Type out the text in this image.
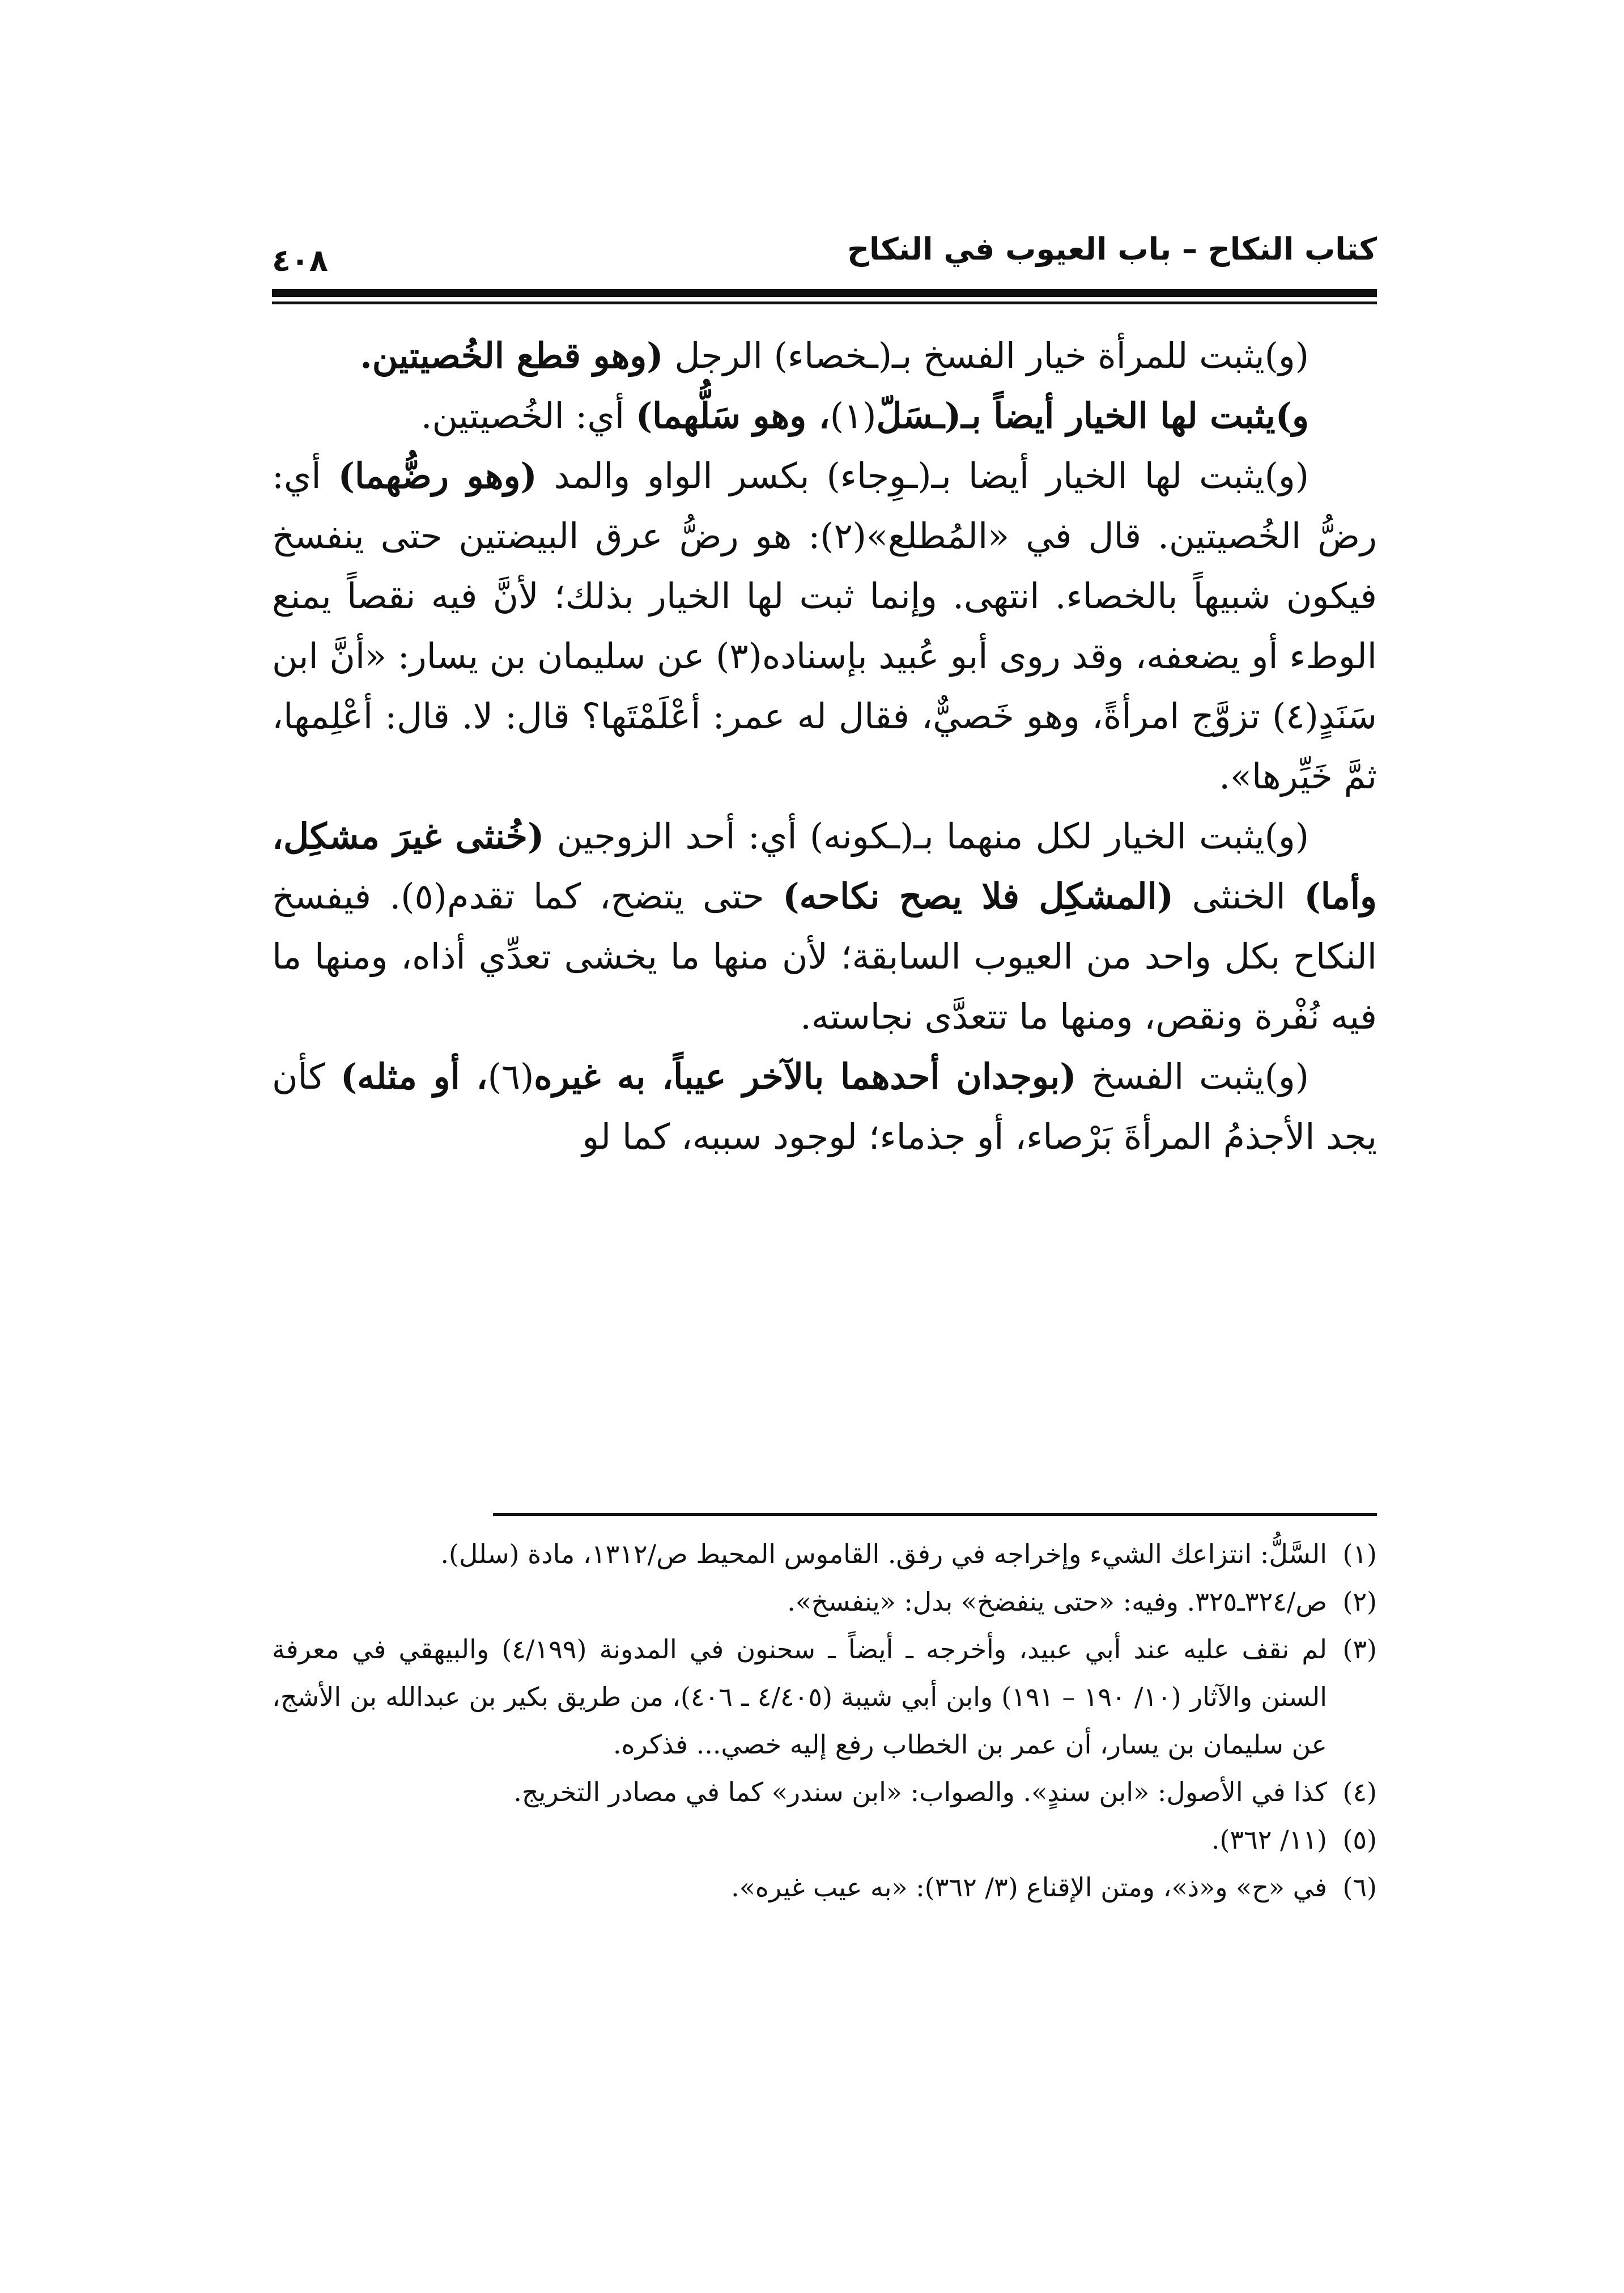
كتاب النكاح – باب العيوب في النكاح
٤٠٨

(و)يثبت للمرأة خيار الفسخ بـ(ـخصاء) الرجل (وهو قطع الخُصيتين.

و)يثبت لها الخيار أيضاً بـ(ـسَلّ(١)، وهو سَلُّهما) أي: الخُصيتين.

(و)يثبت لها الخيار أيضا بـ(ـوِجاء) بكسر الواو والمد (وهو رضُّهما) أي: رضُّ الخُصيتين. قال في «المُطلع»(٢): هو رضُّ عرق البيضتين حتى ينفسخ فيكون شبيهاً بالخصاء. انتهى. وإنما ثبت لها الخيار بذلك؛ لأنَّ فيه نقصاً يمنع الوطء أو يضعفه، وقد روى أبو عُبيد بإسناده(٣) عن سليمان بن يسار: «أنَّ ابن سَنَدٍ(٤) تزوَّج امرأةً، وهو خَصيٌّ، فقال له عمر: أعْلَمْتَها؟ قال: لا. قال: أعْلِمها، ثمَّ خَيِّرها».

(و)يثبت الخيار لكل منهما بـ(ـكونه) أي: أحد الزوجين (خُنثى غيرَ مشكِل، وأما) الخنثى (المشكِل فلا يصح نكاحه) حتى يتضح، كما تقدم(٥). فيفسخ النكاح بكل واحد من العيوب السابقة؛ لأن منها ما يخشى تعدِّي أذاه، ومنها ما فيه نُفْرة ونقص، ومنها ما تتعدَّى نجاسته.

(و)يثبت الفسخ (بوجدان أحدهما بالآخر عيباً، به غيره(٦)، أو مثله) كأن يجد الأجذمُ المرأةَ بَرْصاء، أو جذماء؛ لوجود سببه، كما لو

(١)السَّلُّ: انتزاعك الشيء وإخراجه في رفق. القاموس المحيط ص/١٣١٢، مادة (سلل).

(٢)ص/٣٢٤ـ٣٢٥. وفيه: «حتى ينفضخ» بدل: «ينفسخ».

(٣)لم نقف عليه عند أبي عبيد، وأخرجه ـ أيضاً ـ سحنون في المدونة (٤/١٩٩) والبيهقي في معرفة السنن والآثار (١٠/ ١٩٠ – ١٩١) وابن أبي شيبة (٤/٤٠٥ ـ ٤٠٦)، من طريق بكير بن عبدالله بن الأشج، عن سليمان بن يسار، أن عمر بن الخطاب رفع إليه خصي... فذكره.

(٤)كذا في الأصول: «ابن سندٍ». والصواب: «ابن سندر» كما في مصادر التخريج.

(٥)(١١/ ٣٦٢).

(٦)في «ح» و«ذ»، ومتن الإقناع (٣/ ٣٦٢): «به عيب غيره».
